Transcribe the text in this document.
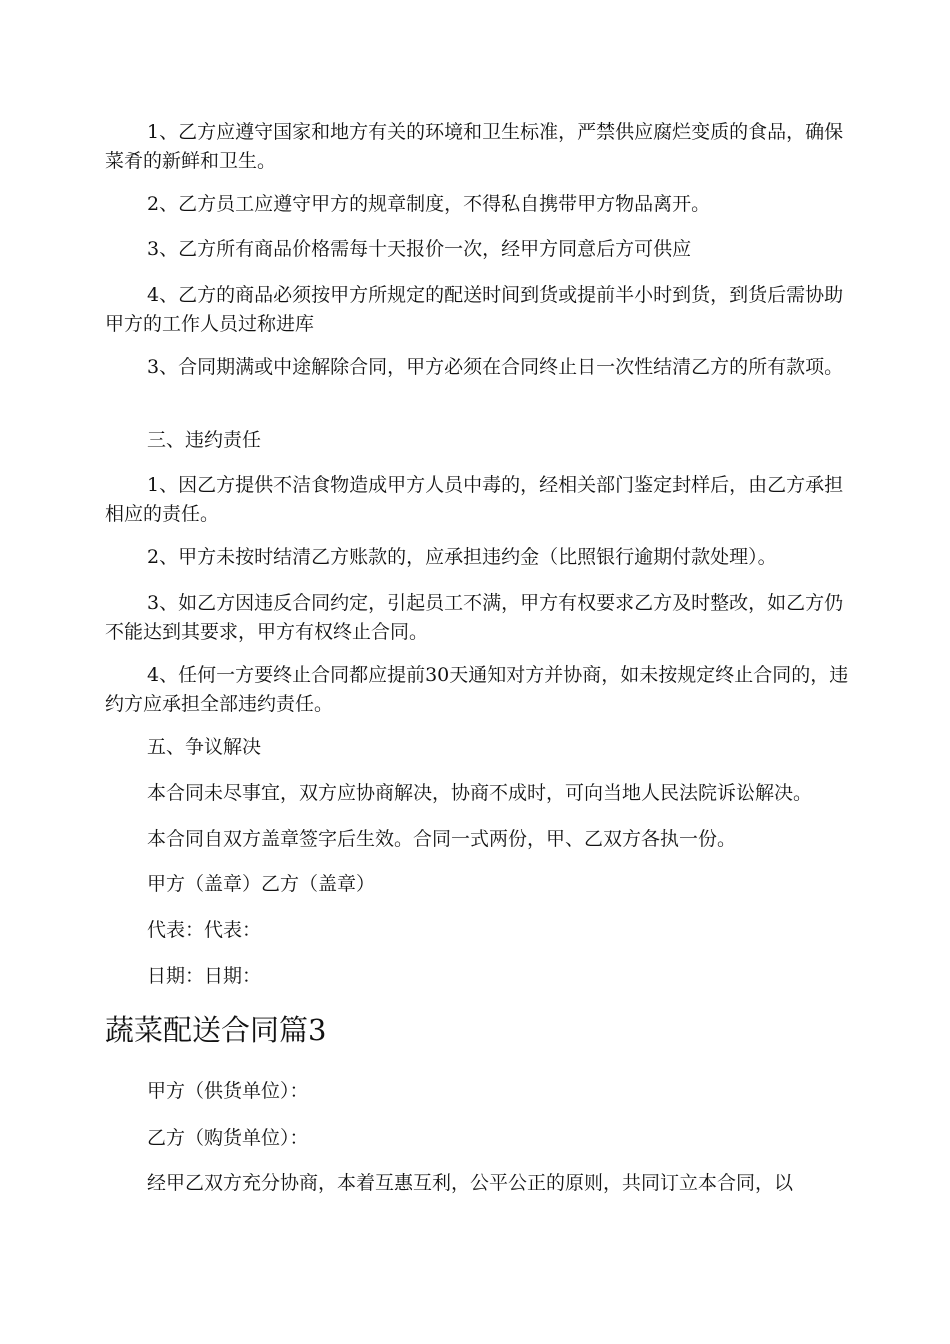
1、乙方应遵守国家和地方有关的环境和卫生标准，严禁供应腐烂变质的食品，确保菜肴的新鲜和卫生。

2、乙方员工应遵守甲方的规章制度，不得私自携带甲方物品离开。

3、乙方所有商品价格需每十天报价一次，经甲方同意后方可供应

4、乙方的商品必须按甲方所规定的配送时间到货或提前半小时到货，到货后需协助甲方的工作人员过称进库

3、合同期满或中途解除合同，甲方必须在合同终止日一次性结清乙方的所有款项。

三、违约责任

1、因乙方提供不洁食物造成甲方人员中毒的，经相关部门鉴定封样后，由乙方承担相应的责任。

2、甲方未按时结清乙方账款的，应承担违约金（比照银行逾期付款处理）。

3、如乙方因违反合同约定，引起员工不满，甲方有权要求乙方及时整改，如乙方仍不能达到其要求，甲方有权终止合同。

4、任何一方要终止合同都应提前30天通知对方并协商，如未按规定终止合同的，违约方应承担全部违约责任。

五、争议解决

本合同未尽事宜，双方应协商解决，协商不成时，可向当地人民法院诉讼解决。

本合同自双方盖章签字后生效。合同一式两份，甲、乙双方各执一份。

甲方（盖章）乙方（盖章）

代表：代表：

日期：日期：

蔬菜配送合同篇3

甲方（供货单位）：

乙方（购货单位）：

经甲乙双方充分协商，本着互惠互利，公平公正的原则，共同订立本合同，以
